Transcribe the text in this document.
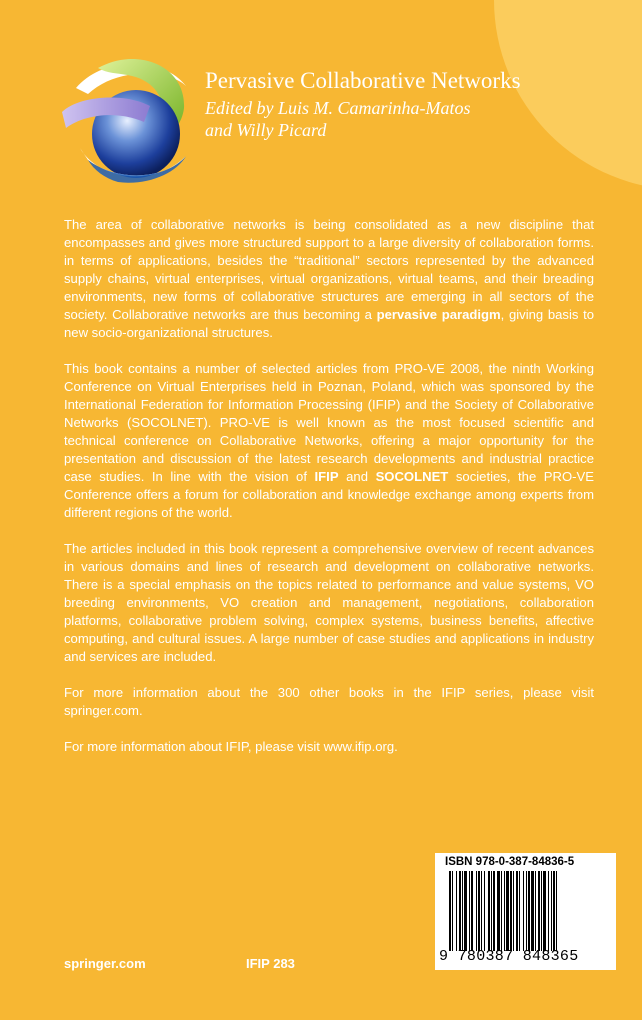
Pervasive Collaborative Networks
Edited by Luis M. Camarinha-Matos
and Willy Picard

The area of collaborative networks is being consolidated as a new discipline that encompasses and gives more structured support to a large diversity of collaboration forms. in terms of applications, besides the “traditional” sectors represented by the advanced supply chains, virtual enterprises, virtual organizations, virtual teams, and their breading environments, new forms of collaborative structures are emerging in all sectors of the society. Collaborative networks are thus becoming a pervasive paradigm, giving basis to new socio-organizational structures.

This book contains a number of selected articles from PRO-VE 2008, the ninth Working Conference on Virtual Enterprises held in Poznan, Poland, which was sponsored by the International Federation for Information Processing (IFIP) and the Society of Collaborative Networks (SOCOLNET). PRO-VE is well known as the most focused scientific and technical conference on Collaborative Networks, offering a major opportunity for the presentation and discussion of the latest research developments and industrial practice case studies. In line with the vision of IFIP and SOCOLNET societies, the PRO-VE Conference offers a forum for collaboration and knowledge exchange among experts from different regions of the world.

The articles included in this book represent a comprehensive overview of recent advances in various domains and lines of research and development on collaborative networks. There is a special emphasis on the topics related to performance and value systems, VO breeding environments, VO creation and management, negotiations, collaboration platforms, collaborative problem solving, complex systems, business benefits, affective computing, and cultural issues. A large number of case studies and applications in industry and services are included.

For more information about the 300 other books in the IFIP series, please visit springer.com.

For more information about IFIP, please visit www.ifip.org.

springer.com	IFIP 283
ISBN 978-0-387-84836-5
9 780387 848365
